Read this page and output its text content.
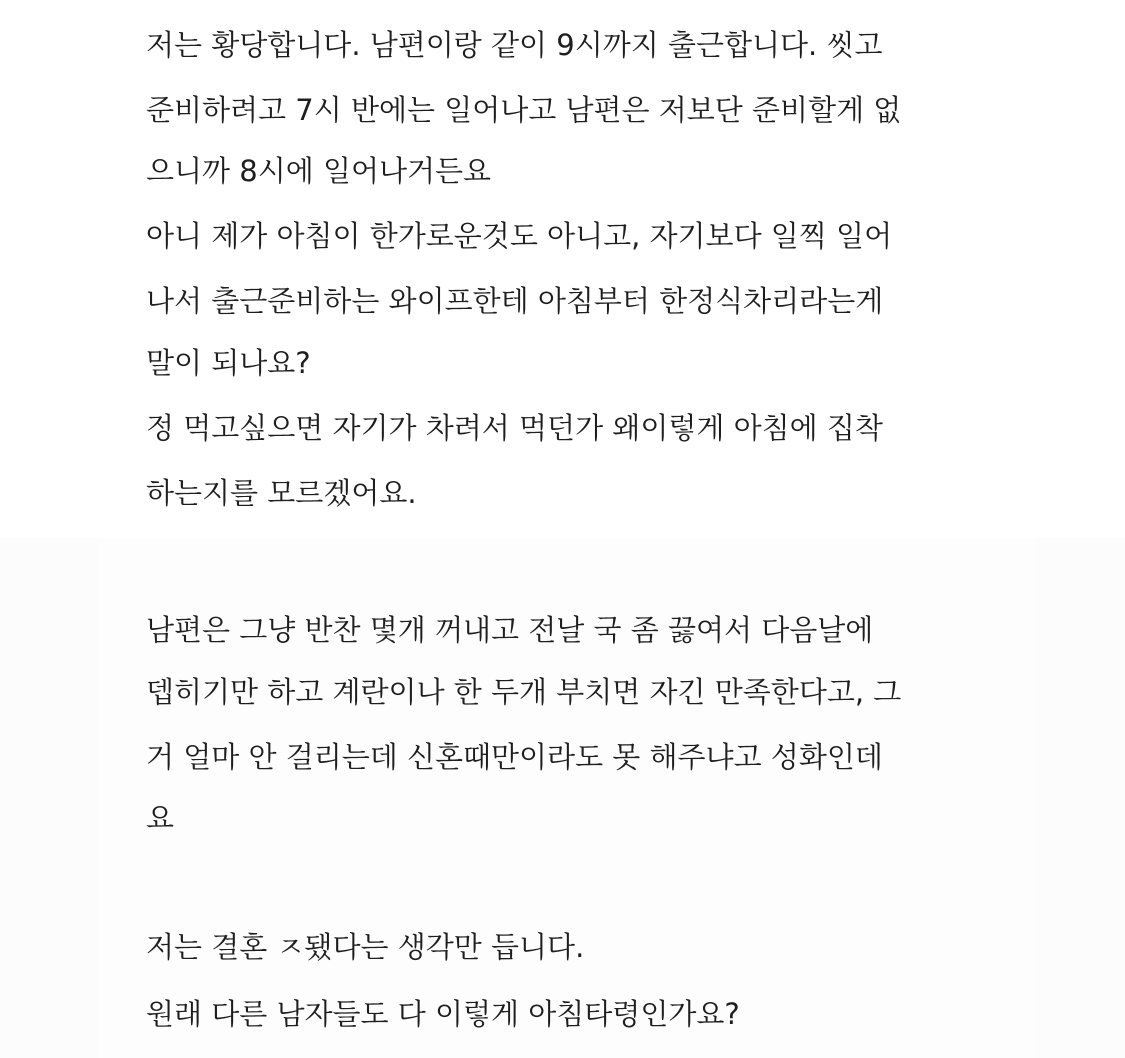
저는 황당합니다. 남편이랑 같이 9시까지 출근합니다. 씻고
준비하려고 7시 반에는 일어나고 남편은 저보단 준비할게 없
으니까 8시에 일어나거든요
아니 제가 아침이 한가로운것도 아니고, 자기보다 일찍 일어
나서 출근준비하는 와이프한테 아침부터 한정식차리라는게
말이 되나요?
정 먹고싶으면 자기가 차려서 먹던가 왜이렇게 아침에 집착
하는지를 모르겠어요.
남편은 그냥 반찬 몇개 꺼내고 전날 국 좀 끓여서 다음날에
뎁히기만 하고 계란이나 한 두개 부치면 자긴 만족한다고, 그
거 얼마 안 걸리는데 신혼때만이라도 못 해주냐고 성화인데
요
저는 결혼 ㅈ됐다는 생각만 듭니다.
원래 다른 남자들도 다 이렇게 아침타령인가요?
